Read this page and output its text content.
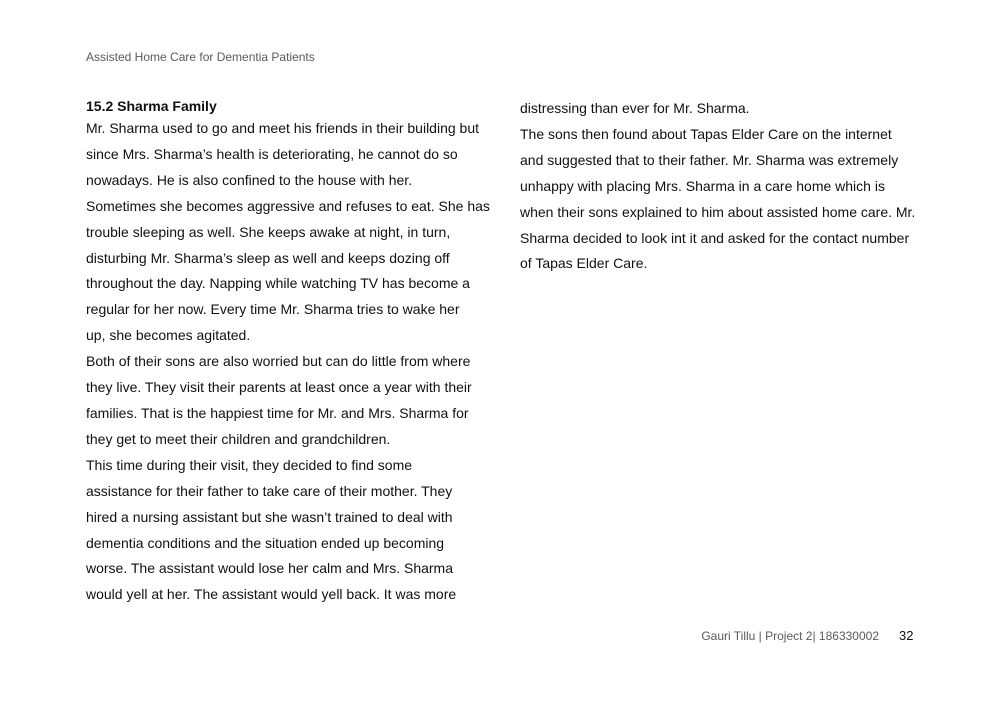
Assisted Home Care for Dementia Patients
15.2 Sharma Family
Mr. Sharma used to go and meet his friends in their building but
since Mrs. Sharma’s health is deteriorating, he cannot do so
nowadays. He is also confined to the house with her.
Sometimes she becomes aggressive and refuses to eat. She has
trouble sleeping as well. She keeps awake at night, in turn,
disturbing Mr. Sharma’s sleep as well and keeps dozing off
throughout the day. Napping while watching TV has become a
regular for her now. Every time Mr. Sharma tries to wake her
up, she becomes agitated.
Both of their sons are also worried but can do little from where
they live. They visit their parents at least once a year with their
families. That is the happiest time for Mr. and Mrs. Sharma for
they get to meet their children and grandchildren.
This time during their visit, they decided to find some
assistance for their father to take care of their mother. They
hired a nursing assistant but she wasn’t trained to deal with
dementia conditions and the situation ended up becoming
worse. The assistant would lose her calm and Mrs. Sharma
would yell at her. The assistant would yell back. It was more
distressing than ever for Mr. Sharma.
The sons then found about Tapas Elder Care on the internet
and suggested that to their father. Mr. Sharma was extremely
unhappy with placing Mrs. Sharma in a care home which is
when their sons explained to him about assisted home care. Mr.
Sharma decided to look int it and asked for the contact number
of Tapas Elder Care.
Gauri Tillu | Project 2| 186330002 32
